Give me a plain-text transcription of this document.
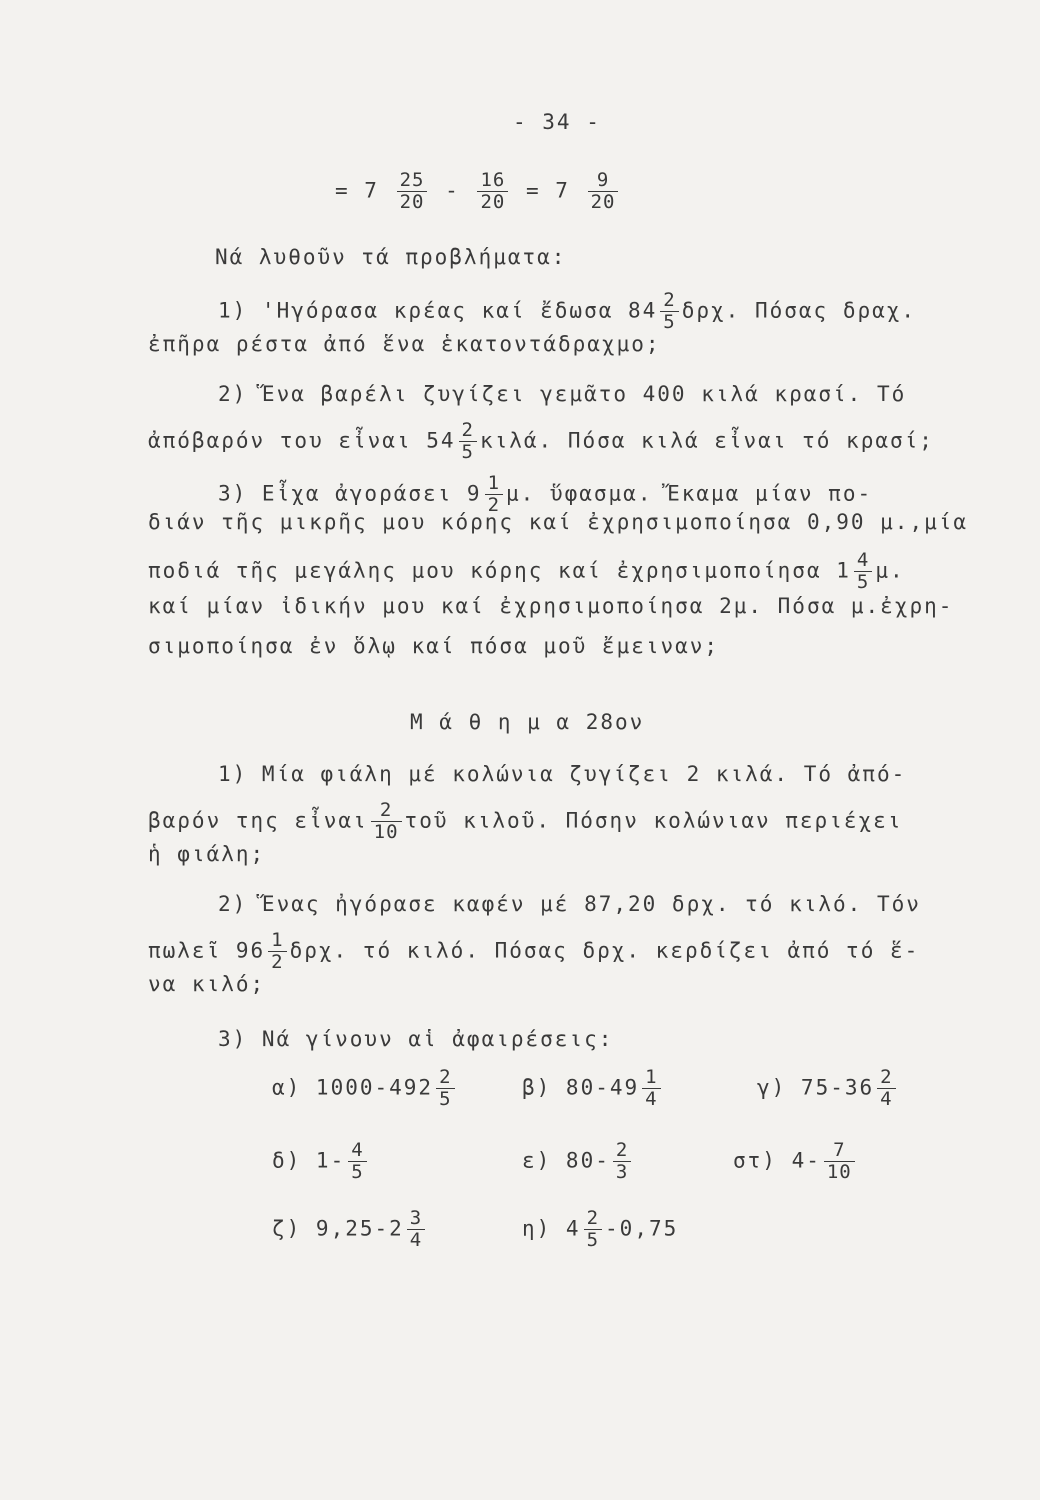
- 34 -
= $7 \frac{25}{20} - \frac{16}{20} = 7 \frac{9}{20}$
Νά λυθοῦν τά προβλήματα:
1) 'Ηγόρασα κρέας καί ἔδωσα $84 \frac{2}{5} \delta\rho\chi$. Πόσας δραχ.
ἐπῆρα ρέστα ἀπό ἕνα ἑκατοντάδραχμο;
2) Ἕνα βαρέλι ζυγίζει γεμᾶτο 400 κιλά κρασί. Τό
ἀπόβαρόν του εἶναι $54 \frac{2}{5} \kappa\iota\lambda ά$. Πόσα κιλά εἶναι τό κρασί;
3) Εἶχα ἀγοράσει $9 \frac{1}{2} \mu$. ὕφασμα. Ἔκαμα μίαν πο-
διάν τῆς μικρῆς μου κόρης καί ἐχρησιμοποίησα 0,90 μ.,μία
ποδιά τῆς μεγάλης μου κόρης καί ἐχρησιμοποίησα $1 \frac{4}{5} \mu$.
καί μίαν ἰδικήν μου καί ἐχρησιμοποίησα 2μ. Πόσα μ.ἐχρη-
σιμοποίησα ἐν ὅλῳ καί πόσα μοῦ ἔμειναν;
Μ ά θ η μ α 28ον
1) Μία φιάλη μέ κολώνια ζυγίζει 2 κιλά. Τό ἀπό-
βαρόν της εἶναι $\frac{2}{10}$ τοῦ κιλοῦ. Πόσην κολώνιαν περιέχει
ἡ φιάλη;
2) Ἕνας ἠγόρασε καφέν μέ 87,20 δρχ. τό κιλό. Τόν
πωλεῖ $96 \frac{1}{2} \delta\rho\chi$. τό κιλό. Πόσας δρχ. κερδίζει ἀπό τό ἕ-
να κιλό;
3) Νά γίνουν αἱ ἀφαιρέσεις:
α) $1000-492 \frac{2}{5}$	β) $80-49 \frac{1}{4}$	γ) $75-36 \frac{2}{4}$
δ) $1- \frac{4}{5}$	ε) $80- \frac{2}{3}$	στ) $4- \frac{7}{10}$
ζ) $9,25-2 \frac{3}{4}$	η) $4 \frac{2}{5} -0,75$
